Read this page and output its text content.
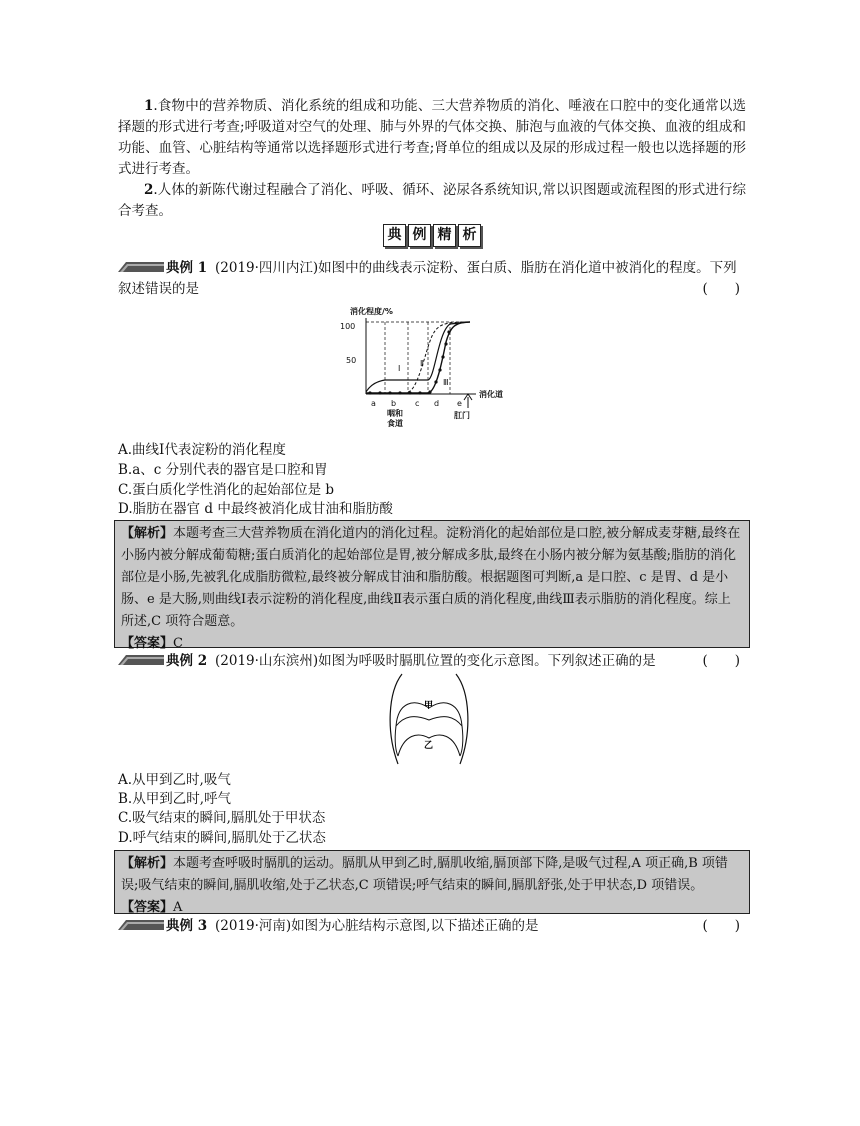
1.食物中的营养物质、消化系统的组成和功能、三大营养物质的消化、唾液在口腔中的变化通常以选择题的形式进行考查;呼吸道对空气的处理、肺与外界的气体交换、肺泡与血液的气体交换、血液的组成和功能、血管、心脏结构等通常以选择题形式进行考查;肾单位的组成以及尿的形成过程一般也以选择题的形式进行考查。
2.人体的新陈代谢过程融合了消化、呼吸、循环、泌尿各系统知识,常以识图题或流程图的形式进行综合考查。
典 例 精 析
典例 1 (2019·四川内江)如图中的曲线表示淀粉、蛋白质、脂肪在消化道中被消化的程度。下列
叙述错误的是	(　　)
消化程度/%
100
50
消化道
a b c d e
咽和
食道
肛门
Ⅰ
Ⅱ
Ⅲ
A.曲线Ⅰ代表淀粉的消化程度
B.a、c 分别代表的器官是口腔和胃
C.蛋白质化学性消化的起始部位是 b
D.脂肪在器官 d 中最终被消化成甘油和脂肪酸
【解析】本题考查三大营养物质在消化道内的消化过程。淀粉消化的起始部位是口腔,被分解成麦芽糖,最终在小肠内被分解成葡萄糖;蛋白质消化的起始部位是胃,被分解成多肽,最终在小肠内被分解为氨基酸;脂肪的消化部位是小肠,先被乳化成脂肪微粒,最终被分解成甘油和脂肪酸。根据题图可判断,a 是口腔、c 是胃、d 是小肠、e 是大肠,则曲线Ⅰ表示淀粉的消化程度,曲线Ⅱ表示蛋白质的消化程度,曲线Ⅲ表示脂肪的消化程度。综上所述,C 项符合题意。
【答案】C
典例 2 (2019·山东滨州)如图为呼吸时膈肌位置的变化示意图。下列叙述正确的是	(　　)
甲
乙
A.从甲到乙时,吸气
B.从甲到乙时,呼气
C.吸气结束的瞬间,膈肌处于甲状态
D.呼气结束的瞬间,膈肌处于乙状态
【解析】本题考查呼吸时膈肌的运动。膈肌从甲到乙时,膈肌收缩,膈顶部下降,是吸气过程,A 项正确,B 项错误;吸气结束的瞬间,膈肌收缩,处于乙状态,C 项错误;呼气结束的瞬间,膈肌舒张,处于甲状态,D 项错误。
【答案】A
典例 3 (2019·河南)如图为心脏结构示意图,以下描述正确的是	(　　)
